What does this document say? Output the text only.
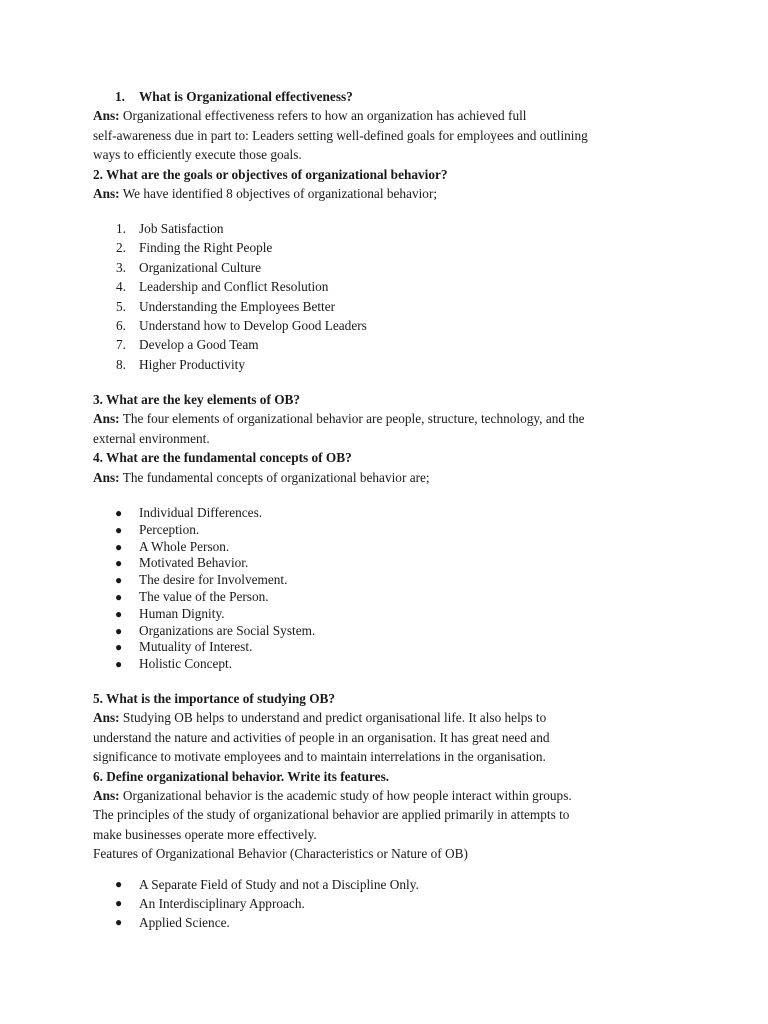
1.	What is Organizational effectiveness?

Ans: Organizational effectiveness refers to how an organization has achieved full

self-awareness due in part to: Leaders setting well-defined goals for employees and outlining

ways to efficiently execute those goals.

2. What are the goals or objectives of organizational behavior?

Ans: We have identified 8 objectives of organizational behavior;

1. Job Satisfaction
2. Finding the Right People
3. Organizational Culture
4. Leadership and Conflict Resolution
5. Understanding the Employees Better
6. Understand how to Develop Good Leaders
7. Develop a Good Team
8. Higher Productivity

3. What are the key elements of OB?

Ans: The four elements of organizational behavior are people, structure, technology, and the

external environment.

4. What are the fundamental concepts of OB?

Ans: The fundamental concepts of organizational behavior are;

●	Individual Differences.
●	Perception.
●	A Whole Person.
●	Motivated Behavior.
●	The desire for Involvement.
●	The value of the Person.
●	Human Dignity.
●	Organizations are Social System.
●	Mutuality of Interest.
●	Holistic Concept.

5. What is the importance of studying OB?

Ans: Studying OB helps to understand and predict organisational life. It also helps to

understand the nature and activities of people in an organisation. It has great need and

significance to motivate employees and to maintain interrelations in the organisation.

6. Define organizational behavior. Write its features.

Ans: Organizational behavior is the academic study of how people interact within groups.

The principles of the study of organizational behavior are applied primarily in attempts to

make businesses operate more effectively.

Features of Organizational Behavior (Characteristics or Nature of OB)

●	A Separate Field of Study and not a Discipline Only.
●	An Interdisciplinary Approach.
●	Applied Science.
